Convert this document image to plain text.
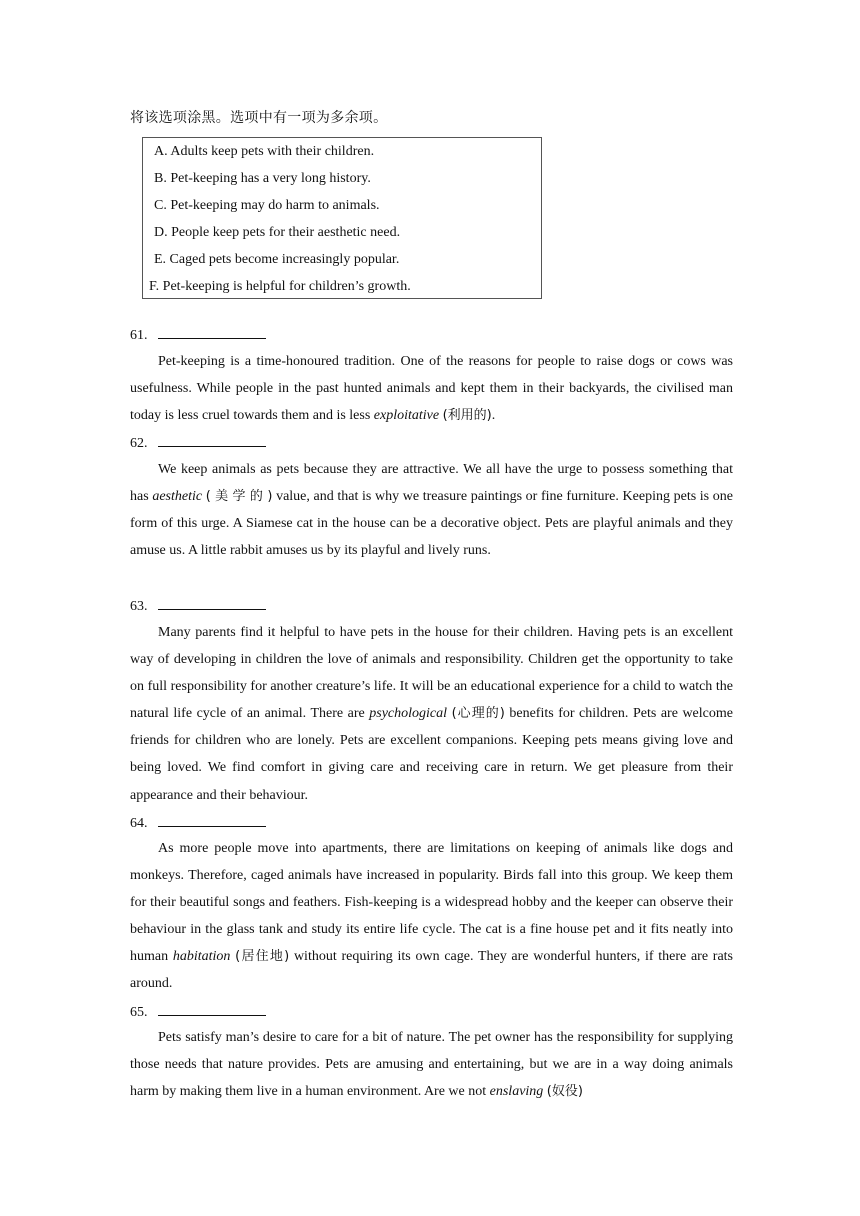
将该选项涂黑。选项中有一项为多余项。
A. Adults keep pets with their children.
B. Pet-keeping has a very long history.
C. Pet-keeping may do harm to animals.
D. People keep pets for their aesthetic need.
E. Caged pets become increasingly popular.
F. Pet-keeping is helpful for children’s growth.
61.

Pet-keeping is a time-honoured tradition. One of the reasons for people to raise dogs or cows was usefulness. While people in the past hunted animals and kept them in their backyards, the civilised man today is less cruel towards them and is less exploitative (利用的).

62.

We keep animals as pets because they are attractive. We all have the urge to possess something that has aesthetic ( 美 学 的 ) value, and that is why we treasure paintings or fine furniture. Keeping pets is one form of this urge. A Siamese cat in the house can be a decorative object. Pets are playful animals and they amuse us. A little rabbit amuses us by its playful and lively runs.

63.

Many parents find it helpful to have pets in the house for their children. Having pets is an excellent way of developing in children the love of animals and responsibility. Children get the opportunity to take on full responsibility for another creature’s life. It will be an educational experience for a child to watch the natural life cycle of an animal. There are psychological (心理的) benefits for children. Pets are welcome friends for children who are lonely. Pets are excellent companions. Keeping pets means giving love and being loved. We find comfort in giving care and receiving care in return. We get pleasure from their appearance and their behaviour.

64.

As more people move into apartments, there are limitations on keeping of animals like dogs and monkeys. Therefore, caged animals have increased in popularity. Birds fall into this group. We keep them for their beautiful songs and feathers. Fish-keeping is a widespread hobby and the keeper can observe their behaviour in the glass tank and study its entire life cycle. The cat is a fine house pet and it fits neatly into human habitation (居住地) without requiring its own cage. They are wonderful hunters, if there are rats around.

65.

Pets satisfy man’s desire to care for a bit of nature. The pet owner has the responsibility for supplying those needs that nature provides. Pets are amusing and entertaining, but we are in a way doing animals harm by making them live in a human environment. Are we not enslaving (奴役)
